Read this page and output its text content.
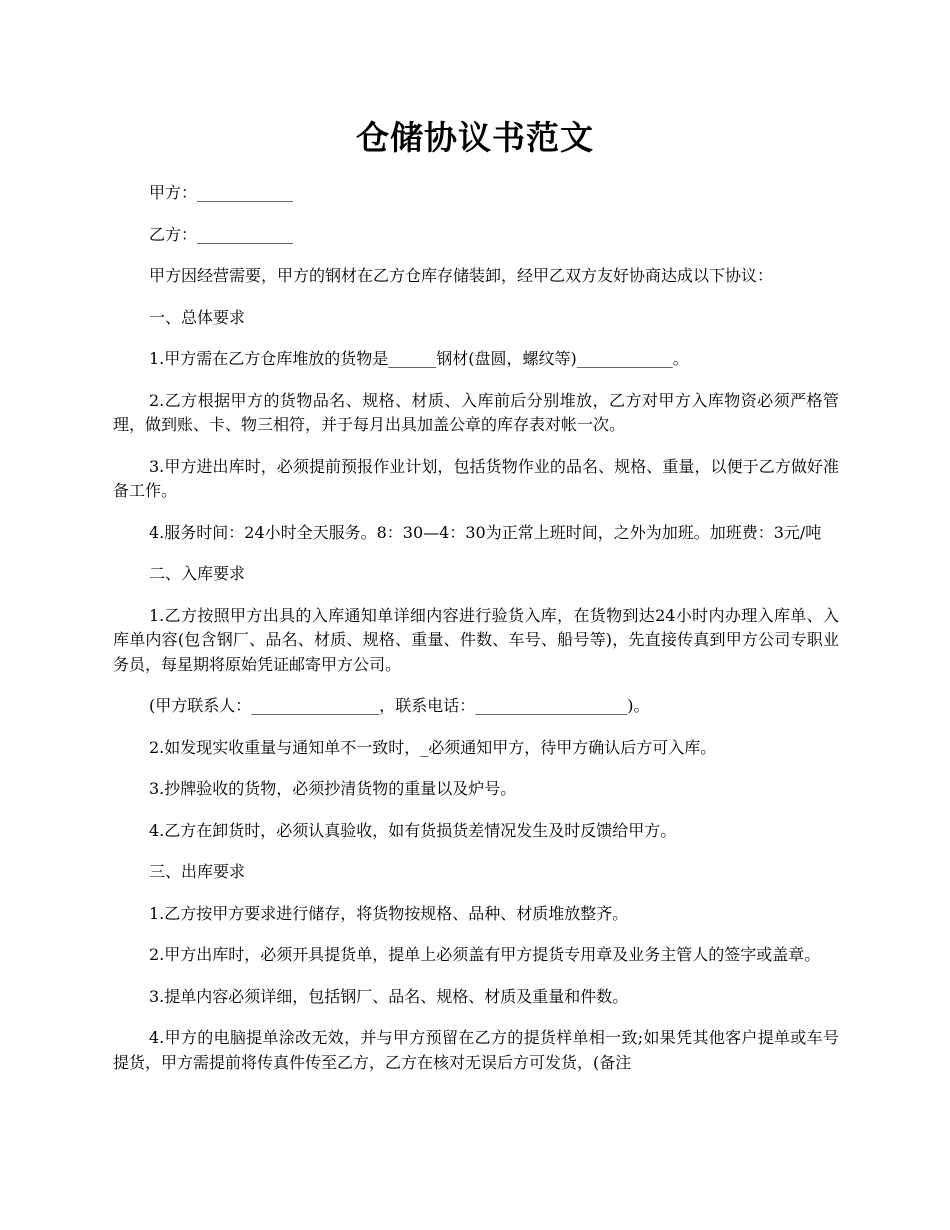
仓储协议书范文

甲方：____________

乙方：____________

甲方因经营需要，甲方的钢材在乙方仓库存储装卸，经甲乙双方友好协商达成以下协议：

一、总体要求

1.甲方需在乙方仓库堆放的货物是______钢材(盘圆，螺纹等)____________。

2.乙方根据甲方的货物品名、规格、材质、入库前后分别堆放，乙方对甲方入库物资必须严格管理，做到账、卡、物三相符，并于每月出具加盖公章的库存表对帐一次。

3.甲方进出库时，必须提前预报作业计划，包括货物作业的品名、规格、重量，以便于乙方做好准备工作。

4.服务时间：24小时全天服务。8：30—4：30为正常上班时间，之外为加班。加班费：3元/吨

二、入库要求

1.乙方按照甲方出具的入库通知单详细内容进行验货入库，在货物到达24小时内办理入库单、入库单内容(包含钢厂、品名、材质、规格、重量、件数、车号、船号等)，先直接传真到甲方公司专职业务员，每星期将原始凭证邮寄甲方公司。

(甲方联系人：________________，联系电话：___________________)。

2.如发现实收重量与通知单不一致时，_必须通知甲方，待甲方确认后方可入库。

3.抄牌验收的货物，必须抄清货物的重量以及炉号。

4.乙方在卸货时，必须认真验收，如有货损货差情况发生及时反馈给甲方。

三、出库要求

1.乙方按甲方要求进行储存，将货物按规格、品种、材质堆放整齐。

2.甲方出库时，必须开具提货单，提单上必须盖有甲方提货专用章及业务主管人的签字或盖章。

3.提单内容必须详细，包括钢厂、品名、规格、材质及重量和件数。

4.甲方的电脑提单涂改无效，并与甲方预留在乙方的提货样单相一致;如果凭其他客户提单或车号提货，甲方需提前将传真件传至乙方，乙方在核对无误后方可发货，(备注
